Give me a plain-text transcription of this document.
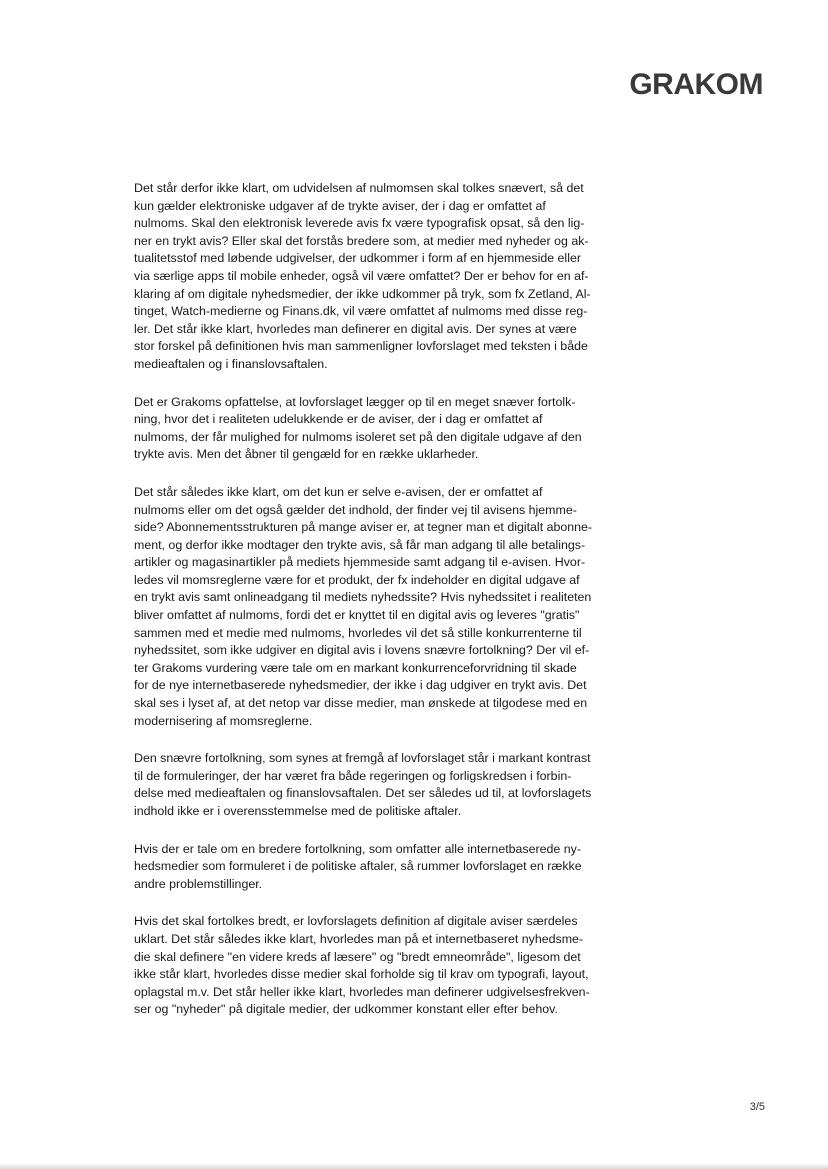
GRAKOM

Det står derfor ikke klart, om udvidelsen af nulmomsen skal tolkes snævert, så det
kun gælder elektroniske udgaver af de trykte aviser, der i dag er omfattet af
nulmoms. Skal den elektronisk leverede avis fx være typografisk opsat, så den lig-
ner en trykt avis? Eller skal det forstås bredere som, at medier med nyheder og ak-
tualitetsstof med løbende udgivelser, der udkommer i form af en hjemmeside eller
via særlige apps til mobile enheder, også vil være omfattet? Der er behov for en af-
klaring af om digitale nyhedsmedier, der ikke udkommer på tryk, som fx Zetland, Al-
tinget, Watch-medierne og Finans.dk, vil være omfattet af nulmoms med disse reg-
ler. Det står ikke klart, hvorledes man definerer en digital avis. Der synes at være
stor forskel på definitionen hvis man sammenligner lovforslaget med teksten i både
medieaftalen og i finanslovsaftalen.

Det er Grakoms opfattelse, at lovforslaget lægger op til en meget snæver fortolk-
ning, hvor det i realiteten udelukkende er de aviser, der i dag er omfattet af
nulmoms, der får mulighed for nulmoms isoleret set på den digitale udgave af den
trykte avis. Men det åbner til gengæld for en række uklarheder.

Det står således ikke klart, om det kun er selve e-avisen, der er omfattet af
nulmoms eller om det også gælder det indhold, der finder vej til avisens hjemme-
side? Abonnementsstrukturen på mange aviser er, at tegner man et digitalt abonne-
ment, og derfor ikke modtager den trykte avis, så får man adgang til alle betalings-
artikler og magasinartikler på mediets hjemmeside samt adgang til e-avisen. Hvor-
ledes vil momsreglerne være for et produkt, der fx indeholder en digital udgave af
en trykt avis samt onlineadgang til mediets nyhedssite? Hvis nyhedssitet i realiteten
bliver omfattet af nulmoms, fordi det er knyttet til en digital avis og leveres "gratis"
sammen med et medie med nulmoms, hvorledes vil det så stille konkurrenterne til
nyhedssitet, som ikke udgiver en digital avis i lovens snævre fortolkning? Der vil ef-
ter Grakoms vurdering være tale om en markant konkurrenceforvridning til skade
for de nye internetbaserede nyhedsmedier, der ikke i dag udgiver en trykt avis. Det
skal ses i lyset af, at det netop var disse medier, man ønskede at tilgodese med en
modernisering af momsreglerne.

Den snævre fortolkning, som synes at fremgå af lovforslaget står i markant kontrast
til de formuleringer, der har været fra både regeringen og forligskredsen i forbin-
delse med medieaftalen og finanslovsaftalen. Det ser således ud til, at lovforslagets
indhold ikke er i overensstemmelse med de politiske aftaler.

Hvis der er tale om en bredere fortolkning, som omfatter alle internetbaserede ny-
hedsmedier som formuleret i de politiske aftaler, så rummer lovforslaget en række
andre problemstillinger.

Hvis det skal fortolkes bredt, er lovforslagets definition af digitale aviser særdeles
uklart. Det står således ikke klart, hvorledes man på et internetbaseret nyhedsme-
die skal definere "en videre kreds af læsere" og "bredt emneområde", ligesom det
ikke står klart, hvorledes disse medier skal forholde sig til krav om typografi, layout,
oplagstal m.v. Det står heller ikke klart, hvorledes man definerer udgivelsesfrekven-
ser og "nyheder" på digitale medier, der udkommer konstant eller efter behov.

3/5
